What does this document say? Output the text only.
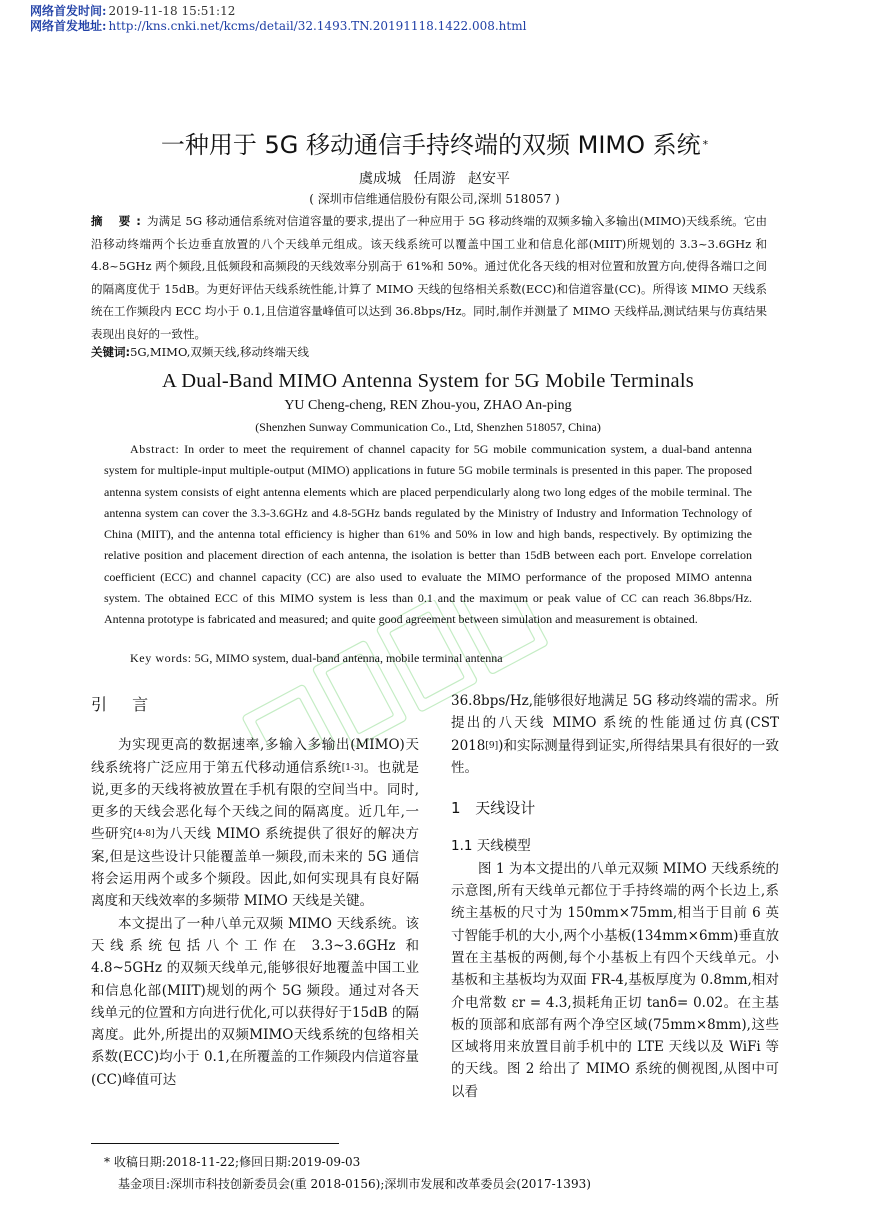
网络首发时间: 2019-11-18 15:51:12
网络首发地址: http://kns.cnki.net/kcms/detail/32.1493.TN.20191118.1422.008.html
一种用于 5G 移动通信手持终端的双频 MIMO 系统 *
虞成城 任周游 赵安平
( 深圳市信维通信股份有限公司,深圳 518057 )
摘 要:为满足 5G 移动通信系统对信道容量的要求,提出了一种应用于 5G 移动终端的双频多输入多输出(MIMO)天线系统。它由沿移动终端两个长边垂直放置的八个天线单元组成。该天线系统可以覆盖中国工业和信息化部(MIIT)所规划的 3.3~3.6GHz 和 4.8~5GHz 两个频段,且低频段和高频段的天线效率分别高于 61%和 50%。通过优化各天线的相对位置和放置方向,使得各端口之间的隔离度优于 15dB。为更好评估天线系统性能,计算了 MIMO 天线的包络相关系数(ECC)和信道容量(CC)。所得该 MIMO 天线系统在工作频段内 ECC 均小于 0.1,且信道容量峰值可以达到 36.8bps/Hz。同时,制作并测量了 MIMO 天线样品,测试结果与仿真结果表现出良好的一致性。
关键词:5G,MIMO,双频天线,移动终端天线
A Dual-Band MIMO Antenna System for 5G Mobile Terminals
YU Cheng-cheng, REN Zhou-you, ZHAO An-ping
(Shenzhen Sunway Communication Co., Ltd, Shenzhen 518057, China)
Abstract: In order to meet the requirement of channel capacity for 5G mobile communication system, a dual-band antenna system for multiple-input multiple-output (MIMO) applications in future 5G mobile terminals is presented in this paper. The proposed antenna system consists of eight antenna elements which are placed perpendicularly along two long edges of the mobile terminal. The antenna system can cover the 3.3-3.6GHz and 4.8-5GHz bands regulated by the Ministry of Industry and Information Technology of China (MIIT), and the antenna total efficiency is higher than 61% and 50% in low and high bands, respectively. By optimizing the relative position and placement direction of each antenna, the isolation is better than 15dB between each port. Envelope correlation coefficient (ECC) and channel capacity (CC) are also used to evaluate the MIMO performance of the proposed MIMO antenna system. The obtained ECC of this MIMO system is less than 0.1 and the maximum or peak value of CC can reach 36.8bps/Hz. Antenna prototype is fabricated and measured; and quite good agreement between simulation and measurement is obtained.
Key words: 5G, MIMO system, dual-band antenna, mobile terminal antenna
引 言

为实现更高的数据速率,多输入多输出(MIMO)天线系统将广泛应用于第五代移动通信系统[1-3]。也就是说,更多的天线将被放置在手机有限的空间当中。同时,更多的天线会恶化每个天线之间的隔离度。近几年,一些研究[4-8]为八天线 MIMO 系统提供了很好的解决方案,但是这些设计只能覆盖单一频段,而未来的 5G 通信将会运用两个或多个频段。因此,如何实现具有良好隔离度和天线效率的多频带 MIMO 天线是关键。

本文提出了一种八单元双频 MIMO 天线系统。该天线系统包括八个工作在 3.3~3.6GHz 和 4.8~5GHz 的双频天线单元,能够很好地覆盖中国工业和信息化部(MIIT)规划的两个 5G 频段。通过对各天线单元的位置和方向进行优化,可以获得好于15dB 的隔离度。此外,所提出的双频MIMO天线系统的包络相关系数(ECC)均小于 0.1,在所覆盖的工作频段内信道容量(CC)峰值可达

36.8bps/Hz,能够很好地满足 5G 移动终端的需求。所提出的八天线 MIMO 系统的性能通过仿真(CST 2018[9])和实际测量得到证实,所得结果具有很好的一致性。

1 天线设计
1.1 天线模型

图 1 为本文提出的八单元双频 MIMO 天线系统的示意图,所有天线单元都位于手持终端的两个长边上,系统主基板的尺寸为 150mm×75mm,相当于目前 6 英寸智能手机的大小,两个小基板(134mm×6mm)垂直放置在主基板的两侧,每个小基板上有四个天线单元。小基板和主基板均为双面 FR-4,基板厚度为 0.8mm,相对介电常数 εr = 4.3,损耗角正切 tanδ= 0.02。在主基板的顶部和底部有两个净空区域(75mm×8mm),这些区域将用来放置目前手机中的 LTE 天线以及 WiFi 等的天线。图 2 给出了 MIMO 系统的侧视图,从图中可以看

* 收稿日期:2018-11-22;修回日期:2019-09-03
基金项目:深圳市科技创新委员会(重 2018-0156);深圳市发展和改革委员会(2017-1393)
